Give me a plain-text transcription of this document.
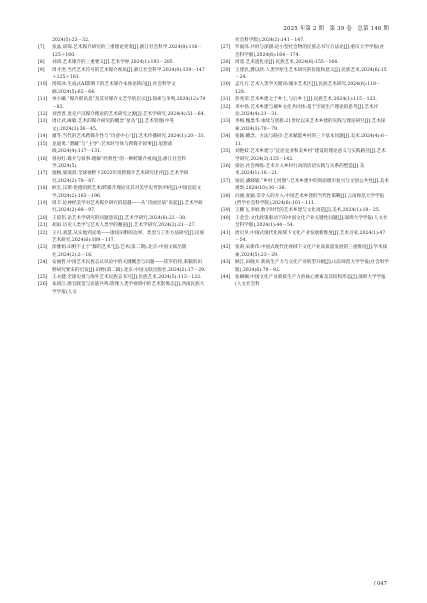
2025 年第 2 期　第 39 卷　总第 146 期

2024(5):23－32.

[7] 张晶,胡琛.艺术媒介研究的三重理论变奏[J].浙江社会科学,2024(9):116－125＋160.

[8] 刘鸿.艺术媒介的三重要义[J].艺术学界,2024(1):193－205.

[9] 周才庶.当代艺术符号的艺术媒介视角[J].浙江社会科学,2024(9):139－147＋125＋161.

[10] 汤筠冰.生成式AI影响下的艺术媒介本体论转向[J].社会科学文摘,2024(5):62－64.

[11] 单小曦.“媒介即讯息”及其对媒介文艺学的启示[J].探索与争鸣,2024(12):79－83.

[12] 刘晋晋.麦克卢汉媒介理论的艺术研究之源[J].艺术学研究,2024(4):51－64.

[13] 周计武,麻敏.艺术的媒介研究的概念“星丛”[J].艺术管理(中英文),2024(3):36－45.

[14] 廖冬.当代的艺术跨媒介性与“诗意中心”[J].艺术传播研究,2024(1):20－31.

[15] 龙迪勇.“潜藏”与“主导”:艺术时空体与跨媒介叙事[J].思想战线,2024(4):117－131.

[16] 曾再红.媒介与叙事:理解“经典性”的一种跨媒介视角[J].浙江社会科学,2024(5).

[17] 施畅,梁凌晨.全球视野下2023年度跨媒介艺术研究述评[J].艺术学研究,2024(2):78－87.

[18] 欧宏.汉斯·伦德的跨艺术/跨媒介理论及其对美学史考察评析[J].中国比较文学,2024(2):183－196.

[19] 周丰.论神经美学对艺术媒介研究的超越——从“诗画异质”说起[J].艺术学研究,2024(2):88－97.

[20] 王琼侣.论艺术学研究的问题意识[J].艺术学研究,2024(6):22－30.

[21] 胡雨.历史人类学与艺术人类学的邂逅[J].艺术学研究,2024(2):21－27.

[22] 王可,刘慧.从实地到灵境——康纽田野的边界、类型与工作方法研究[J].民族艺术研究,2024(6):109－117.

[23] 徐雅娟.田野不止于“脚的艺术”[J].艺术(第二期),北京:中国文联出版社,2024(2):2－16.

[24] 安丽哲.中国艺术民族志认识论中的关键概念与问题——读罗伯特,莱顿的田野研究要来的启发[J].田野(第二辑),北京:中国文联出版社,2024(2):17－29.

[25] 王永健.全球史视与海外艺术民族志书写[J].民族艺术,2024(5):113－122.

[26] 朱靖江.感官联觉与民族共鸣:影像人类学视域中的艺术影像志[J].西南民族大学学报(人文

社会科学版),2024(2):141－147.

[27] 罗福泽.共时与深描:论小型社会物的民族志书写方法论[J].重庆大学学报(社会科学版),2024(6):164－174.

[28] 周遥.艺术遗化论[J].民族艺术,2024(6):155－164.

[29] 王建民,爵以欣.人类学原生艺术研究的价值和意义[J].民族艺术,2024(6):15－24.

[30] 孟凡行.艺术人类学关键词:城市艺术区[J].民族艺术研究,2024(6):118－128.

[31] 彭兆荣.艺术乡建之于乡土,与后乡土[J].民族艺术,2024(1):115－123.

[32] 李中扬.艺术乡建与城乡文化共同体:基于空间生产理论的思考[J].艺术评论,2024(4):21－31.

[33] 李梅,槐墨华.承续与创新:21世纪以来艺术乡建的实践与理论研究[J].艺术探索,2024(3):70－79.

[34] 张颖.概念、方法与路径:艺术赋能乡村的三个基本问题[J].美术,2024(4):6－11.

[35] 刘艳姣.艺术乡建与“宜居宜业和美乡村”建设的理论意义与实践路径[J].艺术学研究,2024(3):135－142.

[36] 梁岩.社会辩练:艺术介入乡村行动的话语实践与关系的塑造[J].美术,2024(1):16－21.

[37] 梁岩,潘晓敏.“乡村上河图”:艺术乡建中的周庙墩市复兴与文创公共性[J].美术观察,2024(10):30－38.

[38] 向丽,张颖.非介入的介入:中国艺术乡建的当代性策略[J].云南师范大学学报(哲学社会科学版),2024(6):101－111.

[39] 王鹏飞,李炳.数字时代的艺术乡建与文化再造[J].美术,2024(1):18－25.

[40] 王金会.文化政策驱动下的中国文化产业关键性问题[J].深圳大学学报(人文社会科学版),2024(1):44－54.

[41] 唐贝贝.中国式现代化视域下文化产业发展新维度[J].艺术百家,2024(1):47－54.

[42] 张莉,宋新伟.中国式现代化视域下文化产业高质量发展的三重维度[J].学术探索,2024(5):23－29.

[43] 顾江,田晓兵.新质生产力与文化产业转型升级[J].山东师范大学学报(社会科学版),2024(6):79－92.

[44] 张娴娴.中国文化产业新质生产力的核心要素及其结构形态[J].深圳大学学报(人文社会科

/ 047
